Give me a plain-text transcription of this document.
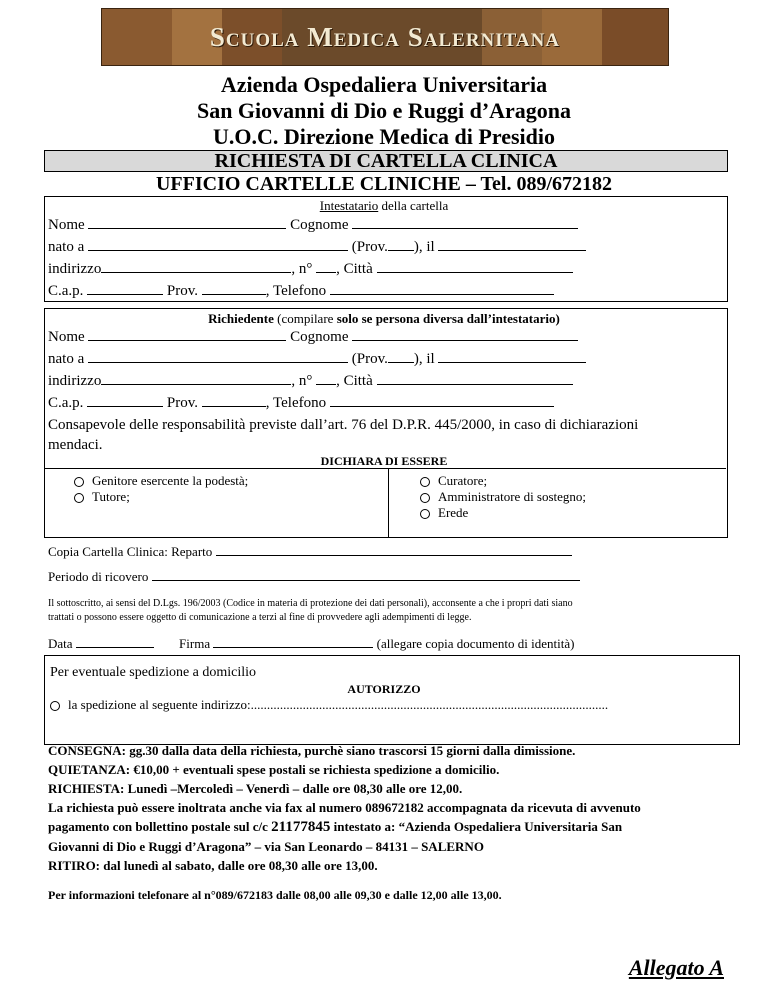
Scuola Medica Salernitana
Azienda Ospedaliera Universitaria
San Giovanni di Dio e Ruggi d’Aragona
U.O.C. Direzione Medica di Presidio
RICHIESTA DI CARTELLA CLINICA
UFFICIO CARTELLE CLINICHE – Tel. 089/672182
Intestatario della cartella
Nome	Cognome
nato a	(Prov. ), il
indirizzo	, n° , Città
C.a.p.	Prov.	, Telefono
Richiedente (compilare solo se persona diversa dall’intestatario)
Nome	Cognome
nato a	(Prov. ), il
indirizzo	, n° , Città
C.a.p.	Prov.	, Telefono
Consapevole delle responsabilità previste dall’art. 76 del D.P.R. 445/2000, in caso di dichiarazioni
mendaci.
DICHIARA DI ESSERE
Genitore esercente la podestà;
Tutore;
Curatore;
Amministratore di sostegno;
Erede
Copia Cartella Clinica: Reparto
Periodo di ricovero
Il sottoscritto, ai sensi del D.Lgs. 196/2003 (Codice in materia di protezione dei dati personali), acconsente a che i propri dati siano
trattati o possono essere oggetto di comunicazione a terzi al fine di provvedere agli adempimenti di legge.
Data	Firma	(allegare copia documento di identità)
Per eventuale spedizione a domicilio
AUTORIZZO
la spedizione al seguente indirizzo:..............................................................................................................
CONSEGNA: gg.30 dalla data della richiesta, purchè siano trascorsi 15 giorni dalla dimissione.
QUIETANZA: €10,00 + eventuali spese postali se richiesta spedizione a domicilio.
RICHIESTA: Lunedì –Mercoledì – Venerdì – dalle ore 08,30 alle ore 12,00.
La richiesta può essere inoltrata anche via fax al numero 089672182 accompagnata da ricevuta di avvenuto
pagamento con bollettino postale sul c/c 21177845 intestato a: “Azienda Ospedaliera Universitaria San
Giovanni di Dio e Ruggi d’Aragona” – via San Leonardo – 84131 – SALERNO
RITIRO: dal lunedì al sabato, dalle ore 08,30 alle ore 13,00.
Per informazioni telefonare al n°089/672183 dalle 08,00 alle 09,30 e dalle 12,00 alle 13,00.
Allegato A
